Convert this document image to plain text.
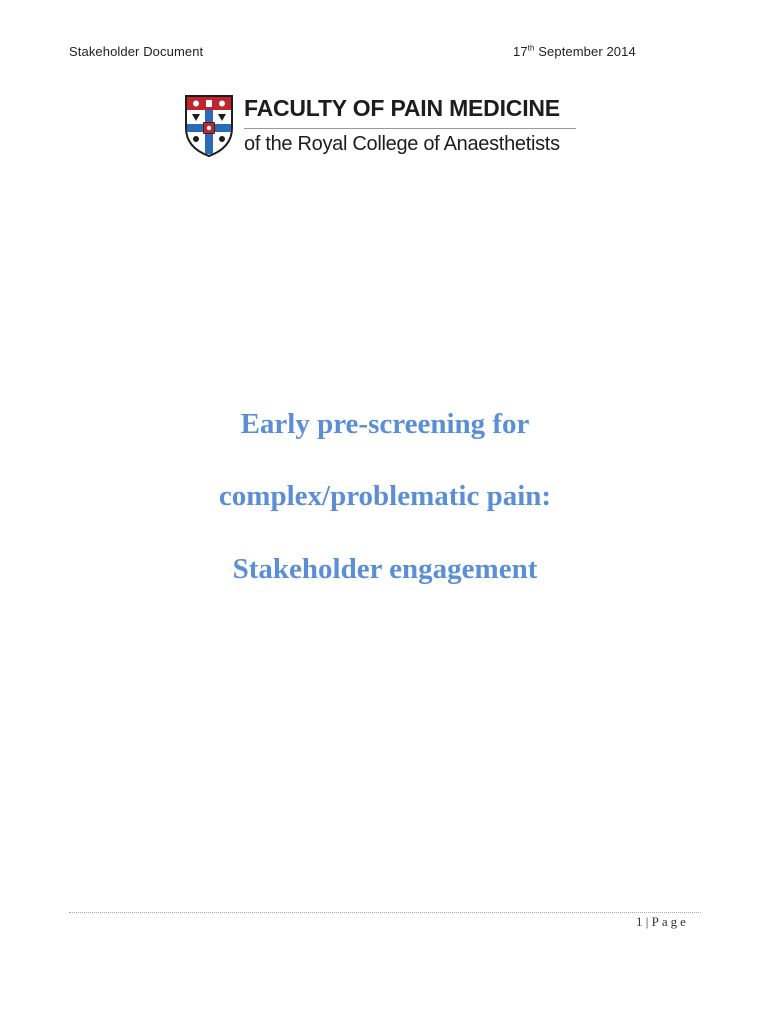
Stakeholder Document	17th September 2014
FACULTY OF PAIN MEDICINE
of the Royal College of Anaesthetists
Early pre-screening for
complex/problematic pain:
Stakeholder engagement
1 | Page
